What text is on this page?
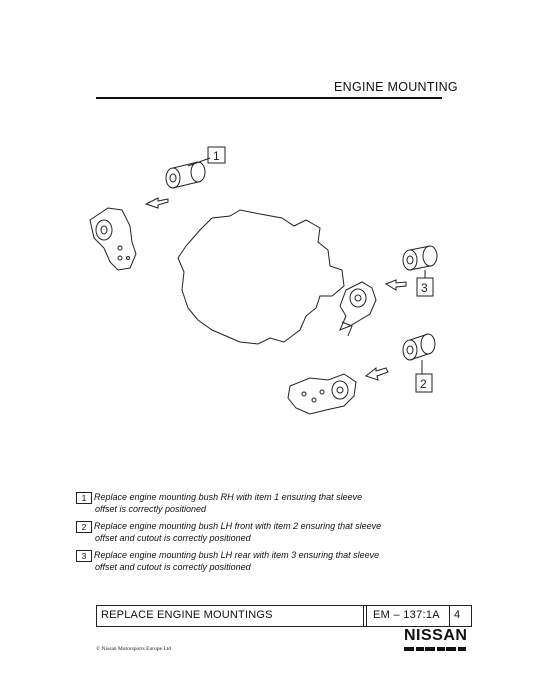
ENGINE MOUNTING
1
3
2
1 Replace engine mounting bush RH with item 1 ensuring that sleeve
offset is correctly positioned
2 Replace engine mounting bush LH front with item 2 ensuring that sleeve
offset and cutout is correctly positioned
3 Replace engine mounting bush LH rear with item 3 ensuring that sleeve
offset and cutout is correctly positioned
REPLACE ENGINE MOUNTINGS	EM – 137:1A 4
NISSAN
© Nissan Motorsports Europe Ltd
